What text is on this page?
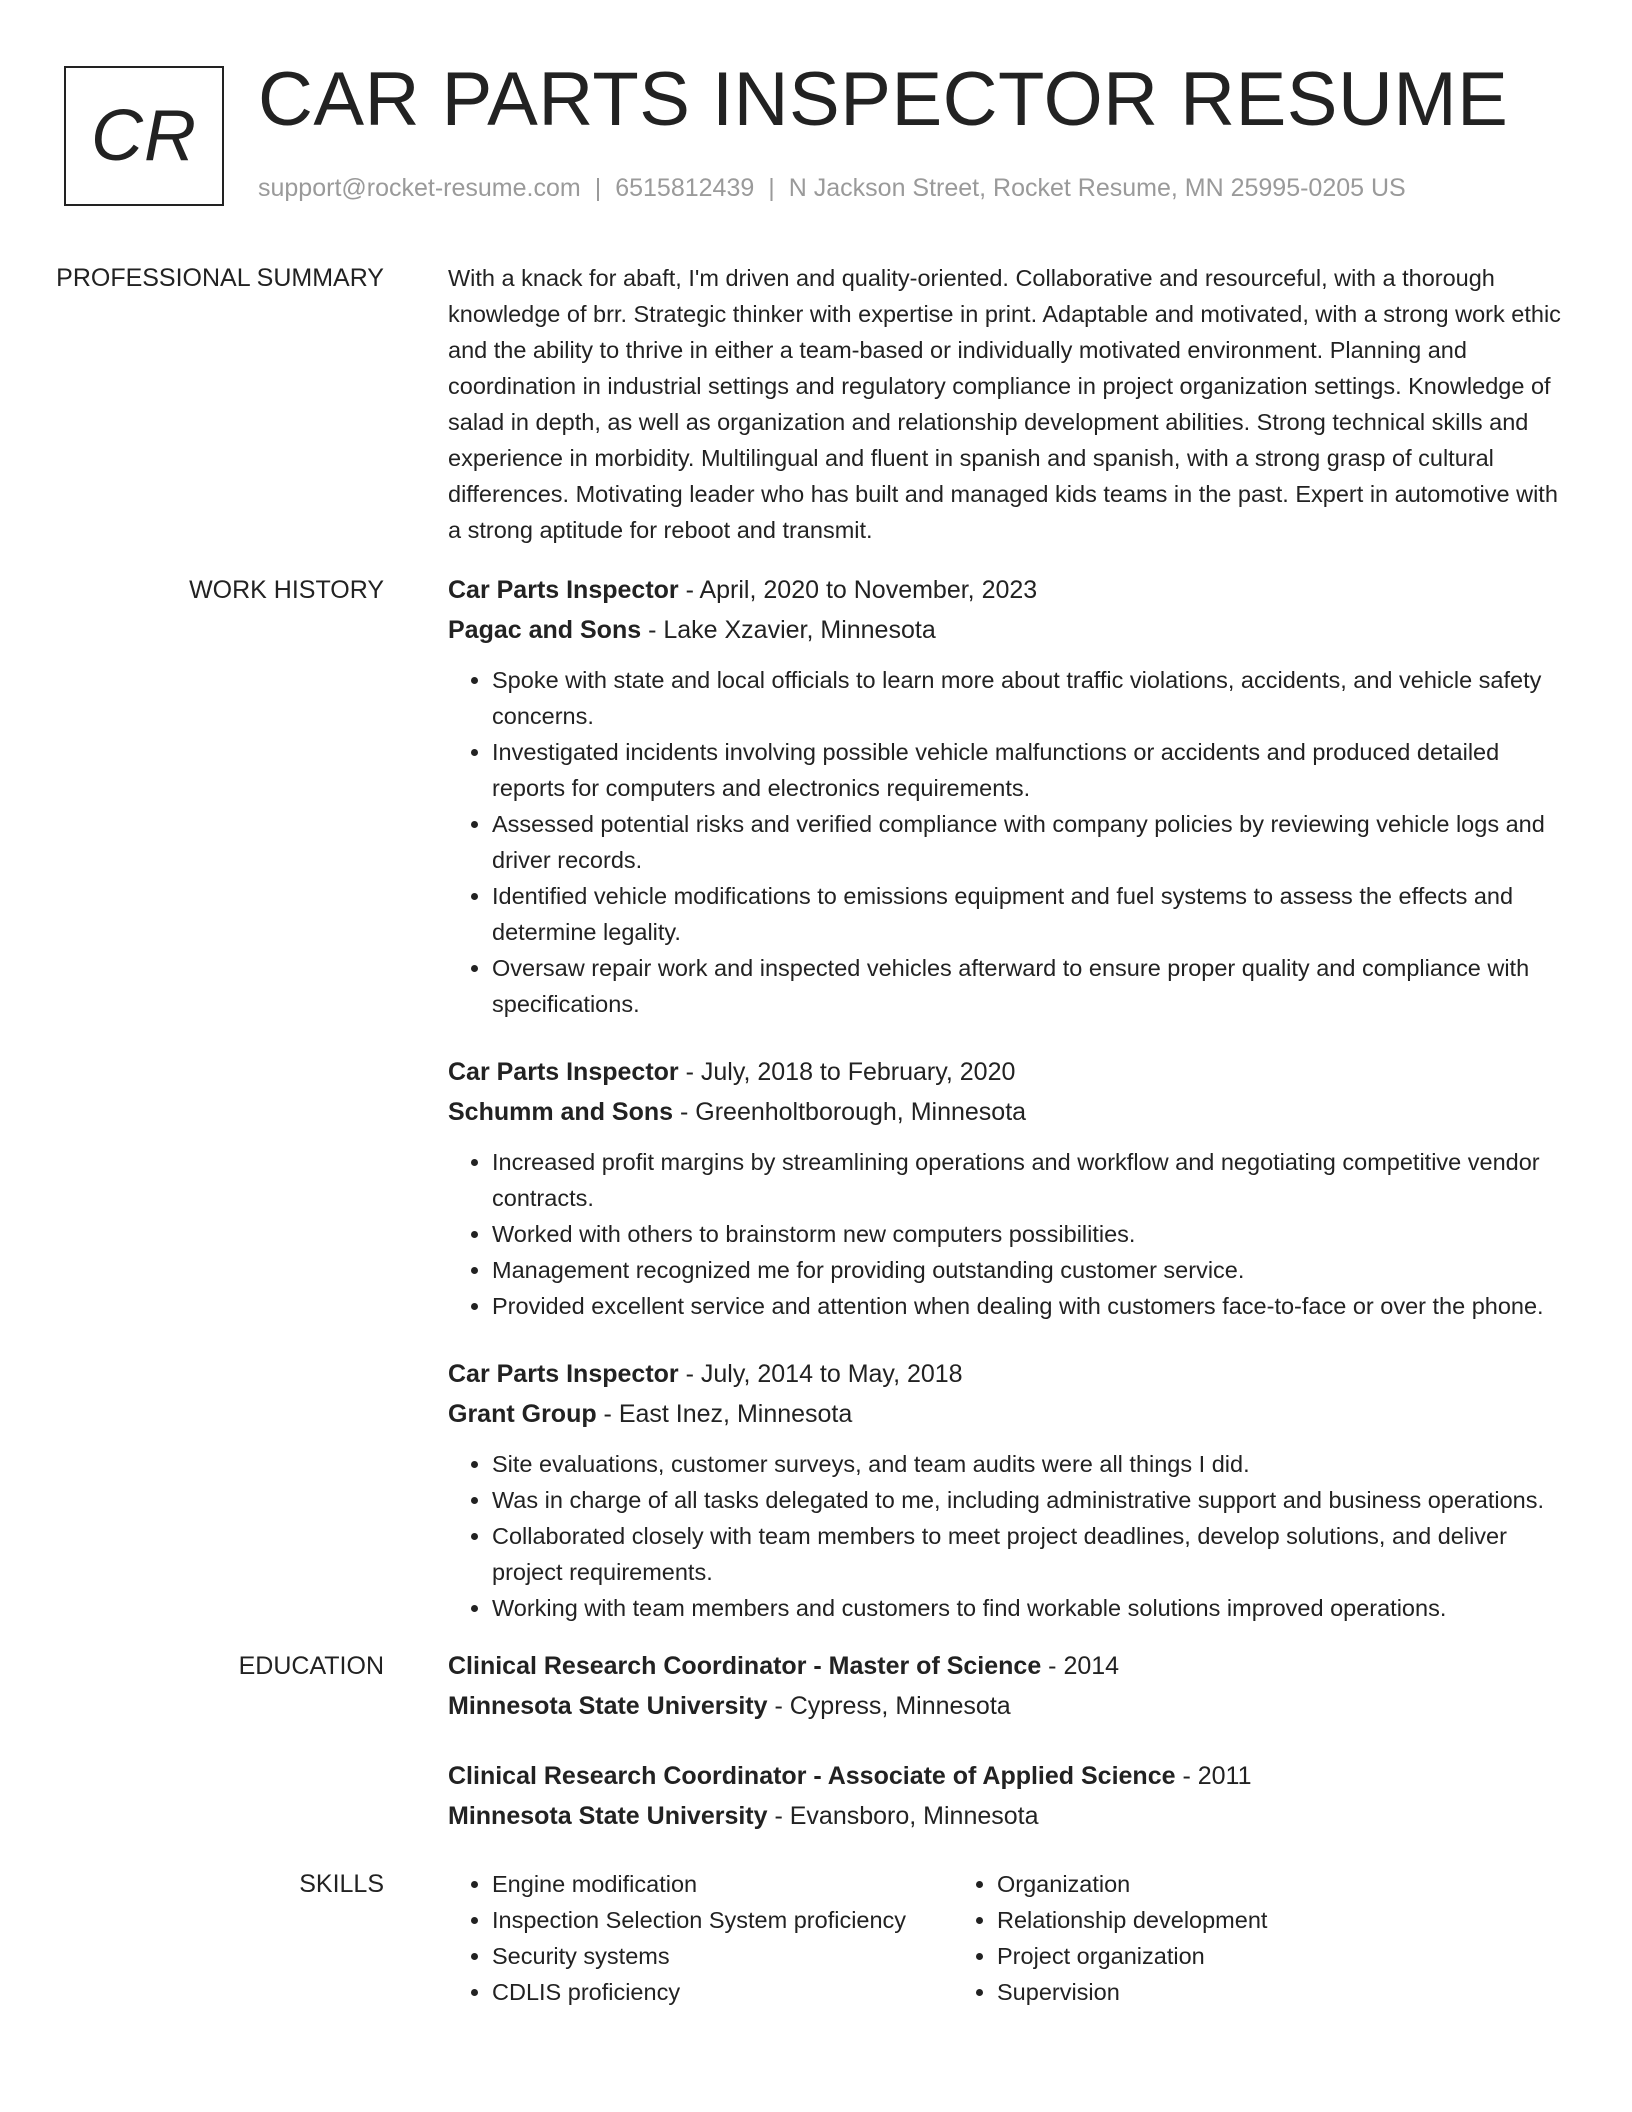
CR CAR PARTS INSPECTOR RESUME
support@rocket-resume.com | 6515812439 | N Jackson Street, Rocket Resume, MN 25995-0205 US
PROFESSIONAL SUMMARY	With a knack for abaft, I'm driven and quality-oriented. Collaborative and resourceful, with a thorough knowledge of brr. Strategic thinker with expertise in print. Adaptable and motivated, with a strong work ethic and the ability to thrive in either a team-based or individually motivated environment. Planning and coordination in industrial settings and regulatory compliance in project organization settings. Knowledge of salad in depth, as well as organization and relationship development abilities. Strong technical skills and experience in morbidity. Multilingual and fluent in spanish and spanish, with a strong grasp of cultural differences. Motivating leader who has built and managed kids teams in the past. Expert in automotive with a strong aptitude for reboot and transmit.

WORK HISTORY	Car Parts Inspector - April, 2020 to November, 2023
Pagac and Sons - Lake Xzavier, Minnesota
• Spoke with state and local officials to learn more about traffic violations, accidents, and vehicle safety concerns.
• Investigated incidents involving possible vehicle malfunctions or accidents and produced detailed reports for computers and electronics requirements.
• Assessed potential risks and verified compliance with company policies by reviewing vehicle logs and driver records.
• Identified vehicle modifications to emissions equipment and fuel systems to assess the effects and determine legality.
• Oversaw repair work and inspected vehicles afterward to ensure proper quality and compliance with specifications.
Car Parts Inspector - July, 2018 to February, 2020
Schumm and Sons - Greenholtborough, Minnesota
• Increased profit margins by streamlining operations and workflow and negotiating competitive vendor contracts.
• Worked with others to brainstorm new computers possibilities.
• Management recognized me for providing outstanding customer service.
• Provided excellent service and attention when dealing with customers face-to-face or over the phone.
Car Parts Inspector - July, 2014 to May, 2018
Grant Group - East Inez, Minnesota
• Site evaluations, customer surveys, and team audits were all things I did.
• Was in charge of all tasks delegated to me, including administrative support and business operations.
• Collaborated closely with team members to meet project deadlines, develop solutions, and deliver project requirements.
• Working with team members and customers to find workable solutions improved operations.
EDUCATION	Clinical Research Coordinator - Master of Science - 2014
Minnesota State University - Cypress, Minnesota
Clinical Research Coordinator - Associate of Applied Science - 2011
Minnesota State University - Evansboro, Minnesota
SKILLS
•	Engine modification
• Inspection Selection System proficiency
• Security systems
• CDLIS proficiency
• Organization
• Relationship development
• Project organization
• Supervision
